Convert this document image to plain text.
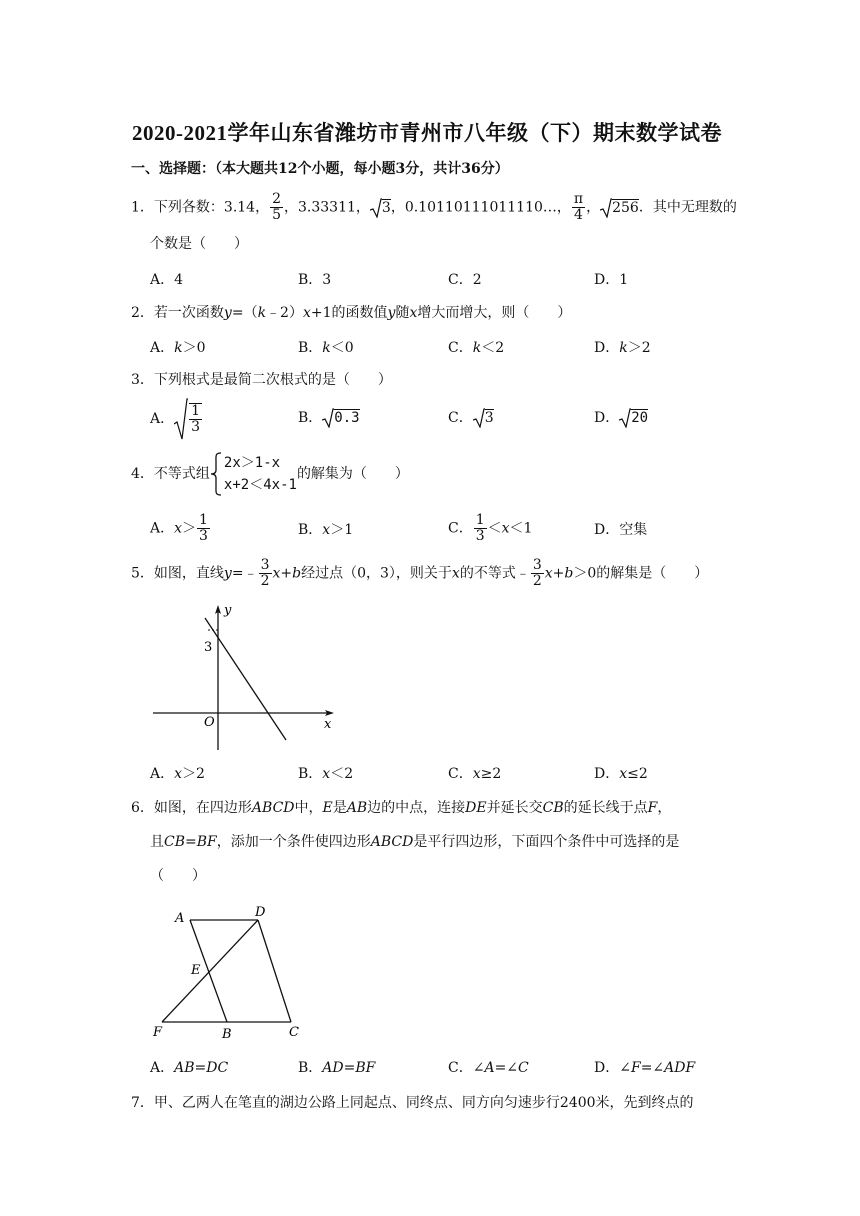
2020-2021学年山东省潍坊市青州市八年级（下）期末数学试卷
一、选择题：（本大题共12个小题，每小题3分，共计36分）
1．下列各数：3.14， $\frac{2}{5}$ ，3.33311， 3，0.10110111011110…， $\frac{\pi}{4}$ ， 256．其中无理数的
个数是（　　）
A．4	B．3	C．2	D．1
2．若一次函数y=（k﹣2）x+1的函数值y随x增大而增大，则（　　）
A．k＞0	B．k＜0	C．k＜2	D．k＞2
3．下列根式是最简二次根式的是（　　）
A． $\frac{1}{3}$	B． 0.3	C． 3	D． 20
4．不等式组
2x＞1-x
x+2＜4x-1
的解集为（　　）
A．$x> \frac{1}{3}$	B．x＞1	C． $\frac{1}{3} <x<1$	D．空集
5．如图，直线y=﹣ $\frac{3}{2} x+b$经过点（0，3），则关于x的不等式﹣ $\frac{3}{2} x+b>0$的解集是（　　）
y
x
O
3
A．x＞2	B．x＜2	C．x≥2	D．x≤2
6．如图，在四边形ABCD中，E是AB边的中点，连接DE并延长交CB的延长线于点F，
且CB=BF，添加一个条件使四边形ABCD是平行四边形，下面四个条件中可选择的是
（　　）
A	D
E
F	B	C
A．AB=DC	B．AD=BF	C．∠A=∠C	D．∠F=∠ADF
7．甲、乙两人在笔直的湖边公路上同起点、同终点、同方向匀速步行2400米，先到终点的
